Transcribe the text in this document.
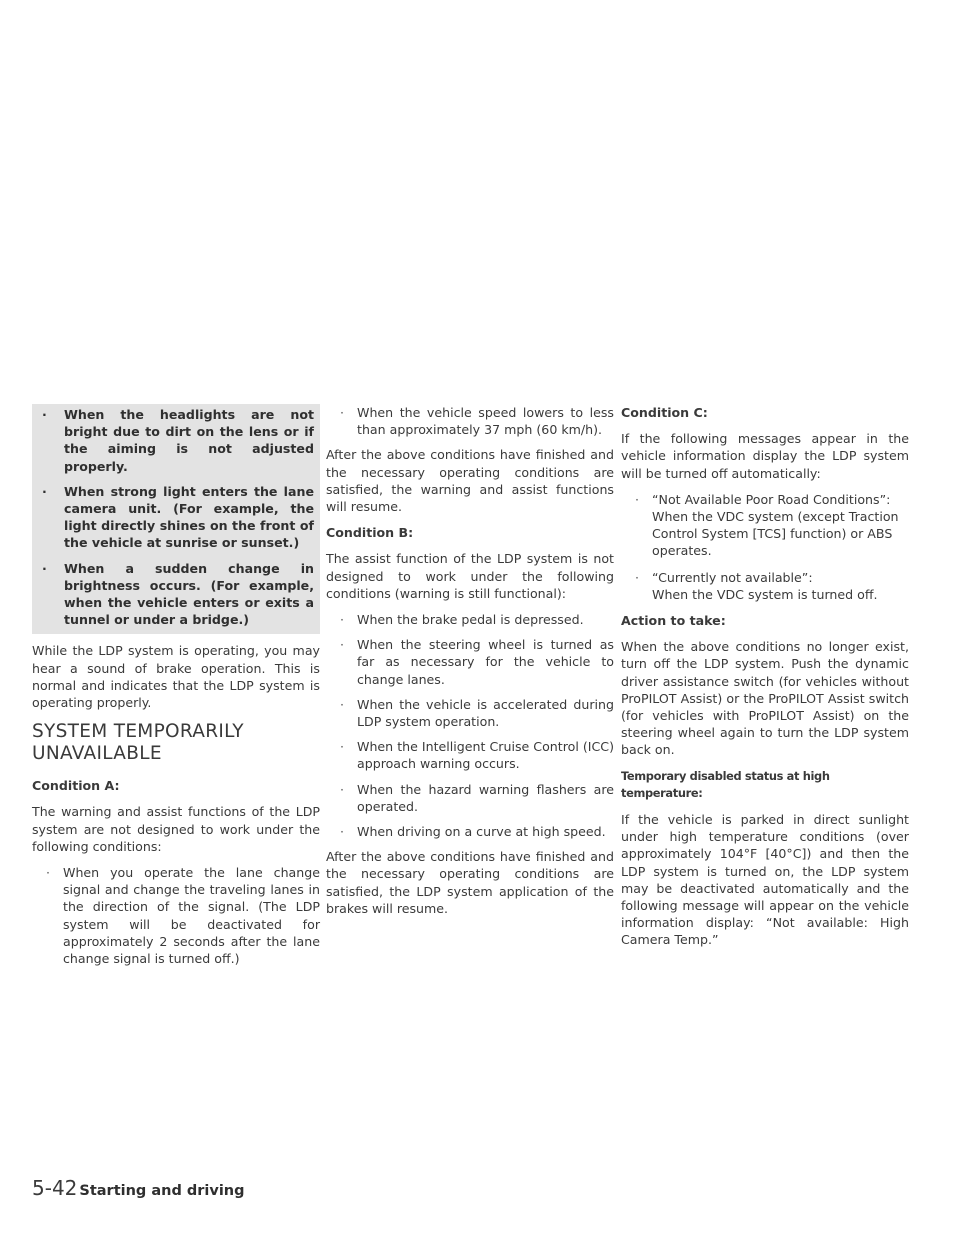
· When the headlights are not bright due to dirt on the lens or if the aiming is not adjusted properly.
· When strong light enters the lane camera unit. (For example, the light directly shines on the front of the vehicle at sunrise or sunset.)
· When a sudden change in brightness occurs. (For example, when the vehicle enters or exits a tunnel or under a bridge.)

While the LDP system is operating, you may hear a sound of brake operation. This is normal and indicates that the LDP system is operating properly.

SYSTEM TEMPORARILY UNAVAILABLE
Condition A:

The warning and assist functions of the LDP system are not designed to work under the following conditions:

· When you operate the lane change signal and change the traveling lanes in the direction of the signal. (The LDP system will be deactivated for approximately 2 seconds after the lane change signal is turned off.)
· When the vehicle speed lowers to less than approximately 37 mph (60 km/h).

After the above conditions have finished and the necessary operating conditions are satisfied, the warning and assist functions will resume.

Condition B:

The assist function of the LDP system is not designed to work under the following conditions (warning is still functional):

· When the brake pedal is depressed.
· When the steering wheel is turned as far as necessary for the vehicle to change lanes.
· When the vehicle is accelerated during LDP system operation.
· When the Intelligent Cruise Control (ICC) approach warning occurs.
· When the hazard warning flashers are operated.
· When driving on a curve at high speed.

After the above conditions have finished and the necessary operating conditions are satisfied, the LDP system application of the brakes will resume.

Condition C:

If the following messages appear in the vehicle information display the LDP system will be turned off automatically:

· “Not Available Poor Road Conditions”:
When the VDC system (except Traction Control System [TCS] function) or ABS operates.
· “Currently not available”:
When the VDC system is turned off.
Action to take:

When the above conditions no longer exist, turn off the LDP system. Push the dynamic driver assistance switch (for vehicles without ProPILOT Assist) or the ProPILOT Assist switch (for vehicles with ProPILOT Assist) on the steering wheel again to turn the LDP system back on.

Temporary disabled status at high temperature:

If the vehicle is parked in direct sunlight under high temperature conditions (over approximately 104°F [40°C]) and then the LDP system is turned on, the LDP system may be deactivated automatically and the following message will appear on the vehicle information display: “Not available: High Camera Temp.”

5-42 Starting and driving
